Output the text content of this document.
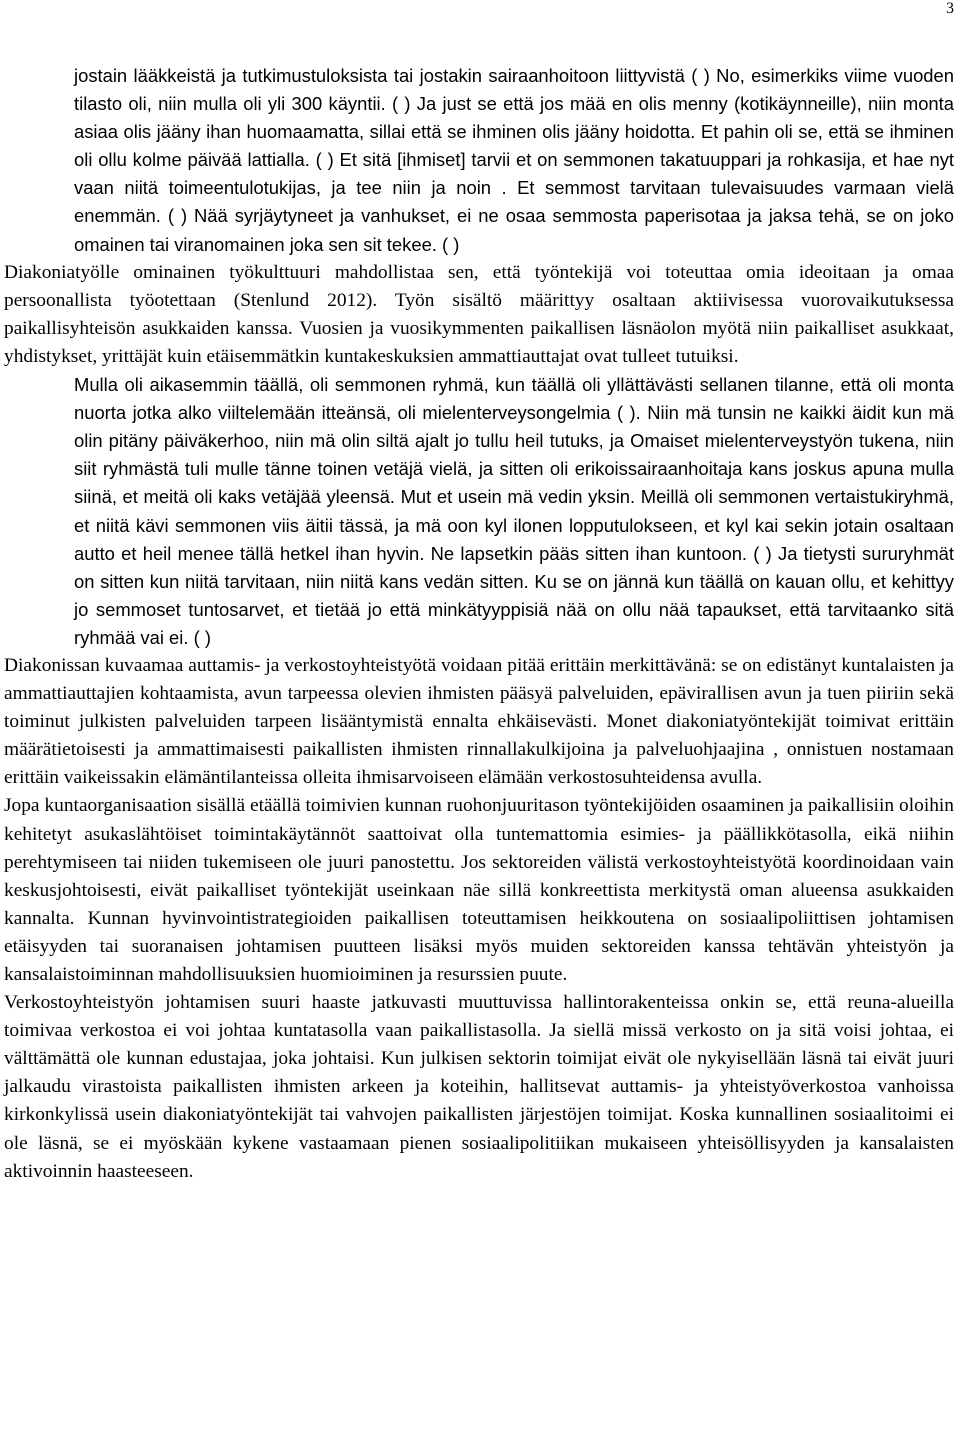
3

jostain lääkkeistä ja tutkimustuloksista tai jostakin sairaanhoitoon liittyvistä ( ) No, esimerkiks viime vuoden tilasto oli, niin mulla oli yli 300 käyntii. ( ) Ja just se että jos mää en olis menny (kotikäynneille), niin monta asiaa olis jääny ihan huomaamatta, sillai että se ihminen olis jääny hoidotta. Et pahin oli se, että se ihminen oli ollu kolme päivää lattialla. ( ) Et sitä [ihmiset] tarvii et on semmonen takatuuppari ja rohkasija, et hae nyt vaan niitä toimeentulotukijas, ja tee niin ja noin . Et semmost tarvitaan tulevaisuudes varmaan vielä enemmän. ( ) Nää syrjäytyneet ja vanhukset, ei ne osaa semmosta paperisotaa ja jaksa tehä, se on joko omainen tai viranomainen joka sen sit tekee. ( )

Diakoniatyölle ominainen työkulttuuri mahdollistaa sen, että työntekijä voi toteuttaa omia ideoitaan ja omaa persoonallista työotettaan (Stenlund 2012). Työn sisältö määrittyy osaltaan aktiivisessa vuorovaikutuksessa paikallisyhteisön asukkaiden kanssa. Vuosien ja vuosikymmenten paikallisen läsnäolon myötä niin paikalliset asukkaat, yhdistykset, yrittäjät kuin etäisemmätkin kuntakeskuksien ammattiauttajat ovat tulleet tutuiksi.

Mulla oli aikasemmin täällä, oli semmonen ryhmä, kun täällä oli yllättävästi sellanen tilanne, että oli monta nuorta jotka alko viiltelemään itteänsä, oli mielenterveysongelmia ( ). Niin mä tunsin ne kaikki äidit kun mä olin pitäny päiväkerhoo, niin mä olin siltä ajalt jo tullu heil tutuks, ja Omaiset mielenterveystyön tukena, niin siit ryhmästä tuli mulle tänne toinen vetäjä vielä, ja sitten oli erikoissairaanhoitaja kans joskus apuna mulla siinä, et meitä oli kaks vetäjää yleensä. Mut et usein mä vedin yksin. Meillä oli semmonen vertaistukiryhmä, et niitä kävi semmonen viis äitii tässä, ja mä oon kyl ilonen lopputulokseen, et kyl kai sekin jotain osaltaan autto et heil menee tällä hetkel ihan hyvin. Ne lapsetkin pääs sitten ihan kuntoon. ( ) Ja tietysti sururyhmät on sitten kun niitä tarvitaan, niin niitä kans vedän sitten. Ku se on jännä kun täällä on kauan ollu, et kehittyy jo semmoset tuntosarvet, et tietää jo että minkätyyppisiä nää on ollu nää tapaukset, että tarvitaanko sitä ryhmää vai ei. ( )

Diakonissan kuvaamaa auttamis- ja verkostoyhteistyötä voidaan pitää erittäin merkittävänä: se on edistänyt kuntalaisten ja ammattiauttajien kohtaamista, avun tarpeessa olevien ihmisten pääsyä palveluiden, epävirallisen avun ja tuen piiriin sekä toiminut julkisten palveluiden tarpeen lisääntymistä ennalta ehkäisevästi. Monet diakoniatyöntekijät toimivat erittäin määrätietoisesti ja ammattimaisesti paikallisten ihmisten rinnallakulkijoina ja palveluohjaajina , onnistuen nostamaan erittäin vaikeissakin elämäntilanteissa olleita ihmisarvoiseen elämään verkostosuhteidensa avulla.

Jopa kuntaorganisaation sisällä etäällä toimivien kunnan ruohonjuuritason työntekijöiden osaaminen ja paikallisiin oloihin kehitetyt asukaslähtöiset toimintakäytännöt saattoivat olla tuntemattomia esimies- ja päällikkötasolla, eikä niihin perehtymiseen tai niiden tukemiseen ole juuri panostettu. Jos sektoreiden välistä verkostoyhteistyötä koordinoidaan vain keskusjohtoisesti, eivät paikalliset työntekijät useinkaan näe sillä konkreettista merkitystä oman alueensa asukkaiden kannalta. Kunnan hyvinvointistrategioiden paikallisen toteuttamisen heikkoutena on sosiaalipoliittisen johtamisen etäisyyden tai suoranaisen johtamisen puutteen lisäksi myös muiden sektoreiden kanssa tehtävän yhteistyön ja kansalaistoiminnan mahdollisuuksien huomioiminen ja resurssien puute.

Verkostoyhteistyön johtamisen suuri haaste jatkuvasti muuttuvissa hallintorakenteissa onkin se, että reuna-alueilla toimivaa verkostoa ei voi johtaa kuntatasolla vaan paikallistasolla. Ja siellä missä verkosto on ja sitä voisi johtaa, ei välttämättä ole kunnan edustajaa, joka johtaisi. Kun julkisen sektorin toimijat eivät ole nykyisellään läsnä tai eivät juuri jalkaudu virastoista paikallisten ihmisten arkeen ja koteihin, hallitsevat auttamis- ja yhteistyöverkostoa vanhoissa kirkonkylissä usein diakoniatyöntekijät tai vahvojen paikallisten järjestöjen toimijat. Koska kunnallinen sosiaalitoimi ei ole läsnä, se ei myöskään kykene vastaamaan pienen sosiaalipolitiikan mukaiseen yhteisöllisyyden ja kansalaisten aktivoinnin haasteeseen.
